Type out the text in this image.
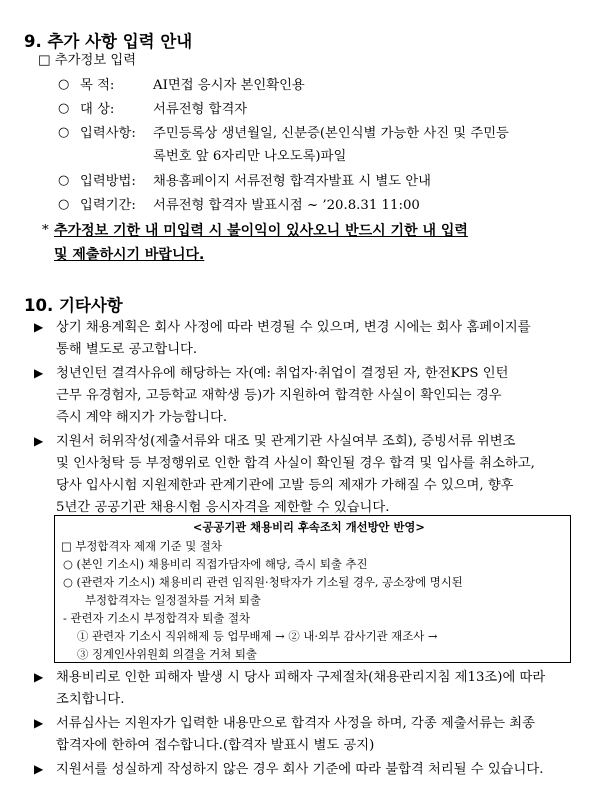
9. 추가 사항 입력 안내
□ 추가정보 입력
○ 목 적:	AI면접 응시자 본인확인용
○ 대 상:	서류전형 합격자
○ 입력사항: 주민등록상 생년월일, 신분증(본인식별 가능한 사진 및 주민등
록번호 앞 6자리만 나오도록)파일
○ 입력방법: 채용홈페이지 서류전형 합격자발표 시 별도 안내
○ 입력기간: 서류전형 합격자 발표시점 ~ ’20.8.31 11:00
* 추가정보 기한 내 미입력 시 불이익이 있사오니 반드시 기한 내 입력
및 제출하시기 바랍니다.
10. 기타사항
▶ 상기 채용계획은 회사 사정에 따라 변경될 수 있으며, 변경 시에는 회사 홈페이지를
통해 별도로 공고합니다.
▶ 청년인턴 결격사유에 해당하는 자(예: 취업자·취업이 결정된 자, 한전KPS 인턴
근무 유경험자, 고등학교 재학생 등)가 지원하여 합격한 사실이 확인되는 경우
즉시 계약 해지가 가능합니다.
▶ 지원서 허위작성(제출서류와 대조 및 관계기관 사실여부 조회), 증빙서류 위변조
및 인사청탁 등 부정행위로 인한 합격 사실이 확인될 경우 합격 및 입사를 취소하고,
당사 입사시험 지원제한과 관계기관에 고발 등의 제재가 가해질 수 있으며, 향후
5년간 공공기관 채용시험 응시자격을 제한할 수 있습니다.
<공공기관 채용비리 후속조치 개선방안 반영>
□ 부정합격자 제재 기준 및 절차
○ (본인 기소시) 채용비리 직접가담자에 해당, 즉시 퇴출 추진
○ (관련자 기소시) 채용비리 관련 임직원·청탁자가 기소될 경우, 공소장에 명시된
부정합격자는 일정절차를 거쳐 퇴출
- 관련자 기소시 부정합격자 퇴출 절차
① 관련자 기소시 직위해제 등 업무배제 → ② 내·외부 감사기관 재조사 →
③ 징계인사위원회 의결을 거쳐 퇴출
▶ 채용비리로 인한 피해자 발생 시 당사 피해자 구제절차(채용관리지침 제13조)에 따라
조치합니다.
▶ 서류심사는 지원자가 입력한 내용만으로 합격자 사정을 하며, 각종 제출서류는 최종
합격자에 한하여 접수합니다.(합격자 발표시 별도 공지)
▶ 지원서를 성실하게 작성하지 않은 경우 회사 기준에 따라 불합격 처리될 수 있습니다.
